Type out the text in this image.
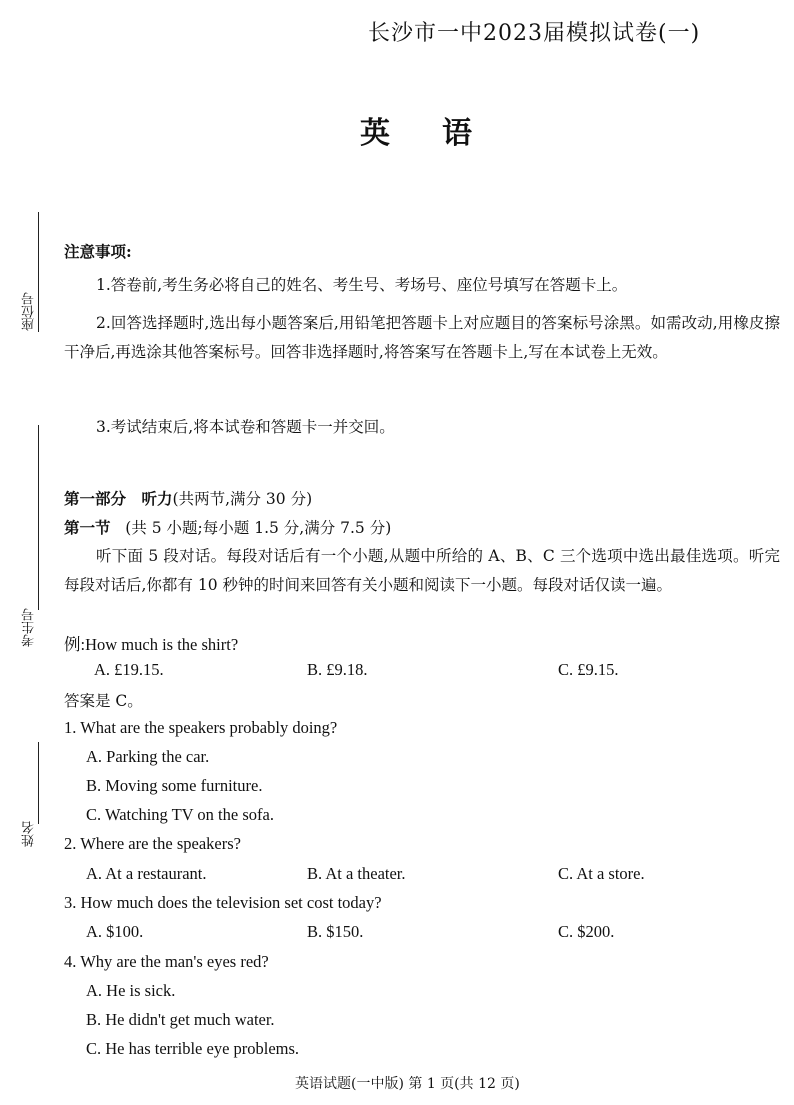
长沙市一中2023届模拟试卷(一)
英语
座位号
考生号
姓名
注意事项:
1.答卷前,考生务必将自己的姓名、考生号、考场号、座位号填写在答题卡上。
2.回答选择题时,选出每小题答案后,用铅笔把答题卡上对应题目的答案标号涂黑。如需改动,用橡皮擦干净后,再选涂其他答案标号。回答非选择题时,将答案写在答题卡上,写在本试卷上无效。
3.考试结束后,将本试卷和答题卡一并交回。
第一部分　听力(共两节,满分 30 分)
第一节 (共 5 小题;每小题 1.5 分,满分 7.5 分)
听下面 5 段对话。每段对话后有一个小题,从题中所给的 A、B、C 三个选项中选出最佳选项。听完每段对话后,你都有 10 秒钟的时间来回答有关小题和阅读下一小题。每段对话仅读一遍。
例:How much is the shirt?
A. £19.15.	B. £9.18.	C. £9.15.
答案是 C。
1. What are the speakers probably doing?
A. Parking the car.
B. Moving some furniture.
C. Watching TV on the sofa.
2. Where are the speakers?
A. At a restaurant.	B. At a theater.	C. At a store.
3. How much does the television set cost today?
A. $100.	B. $150.	C. $200.
4. Why are the man's eyes red?
A. He is sick.
B. He didn't get much water.
C. He has terrible eye problems.
英语试题(一中版) 第 1 页(共 12 页)
